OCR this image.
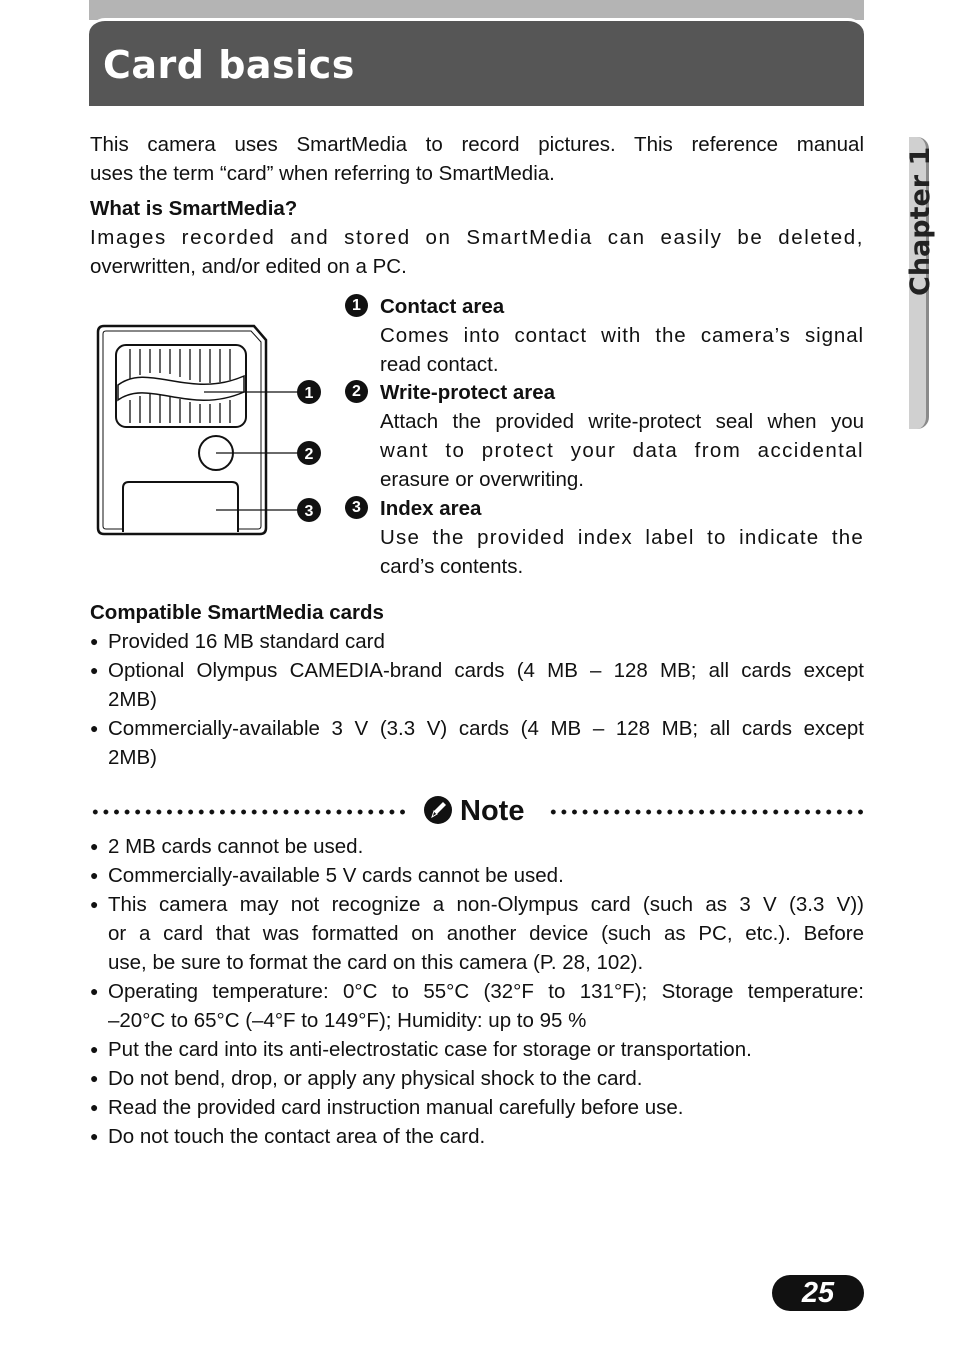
Card basics
Chapter 1
This camera uses SmartMedia to record pictures. This reference manual
uses the term “card” when referring to SmartMedia.
What is SmartMedia?
Images recorded and stored on SmartMedia can easily be deleted,
overwritten, and/or edited on a PC.
1
2
3
1 Contact area
Comes into contact with the camera’s signal
read contact.
2 Write-protect area
Attach the provided write-protect seal when you
want to protect your data from accidental
erasure or overwriting.
3 Index area
Use the provided index label to indicate the
card’s contents.
Compatible SmartMedia cards
● Provided 16 MB standard card
● Optional Olympus CAMEDIA-brand cards (4 MB – 128 MB; all cards except
2MB)
● Commercially-available 3 V (3.3 V) cards (4 MB – 128 MB; all cards except
2MB)
Note
● 2 MB cards cannot be used.
● Commercially-available 5 V cards cannot be used.
● This camera may not recognize a non-Olympus card (such as 3 V (3.3 V))
or a card that was formatted on another device (such as PC, etc.). Before
use, be sure to format the card on this camera (P. 28, 102).
● Operating temperature: 0°C to 55°C (32°F to 131°F); Storage temperature:
–20°C to 65°C (–4°F to 149°F); Humidity: up to 95 %
● Put the card into its anti-electrostatic case for storage or transportation.
● Do not bend, drop, or apply any physical shock to the card.
● Read the provided card instruction manual carefully before use.
● Do not touch the contact area of the card.
25
